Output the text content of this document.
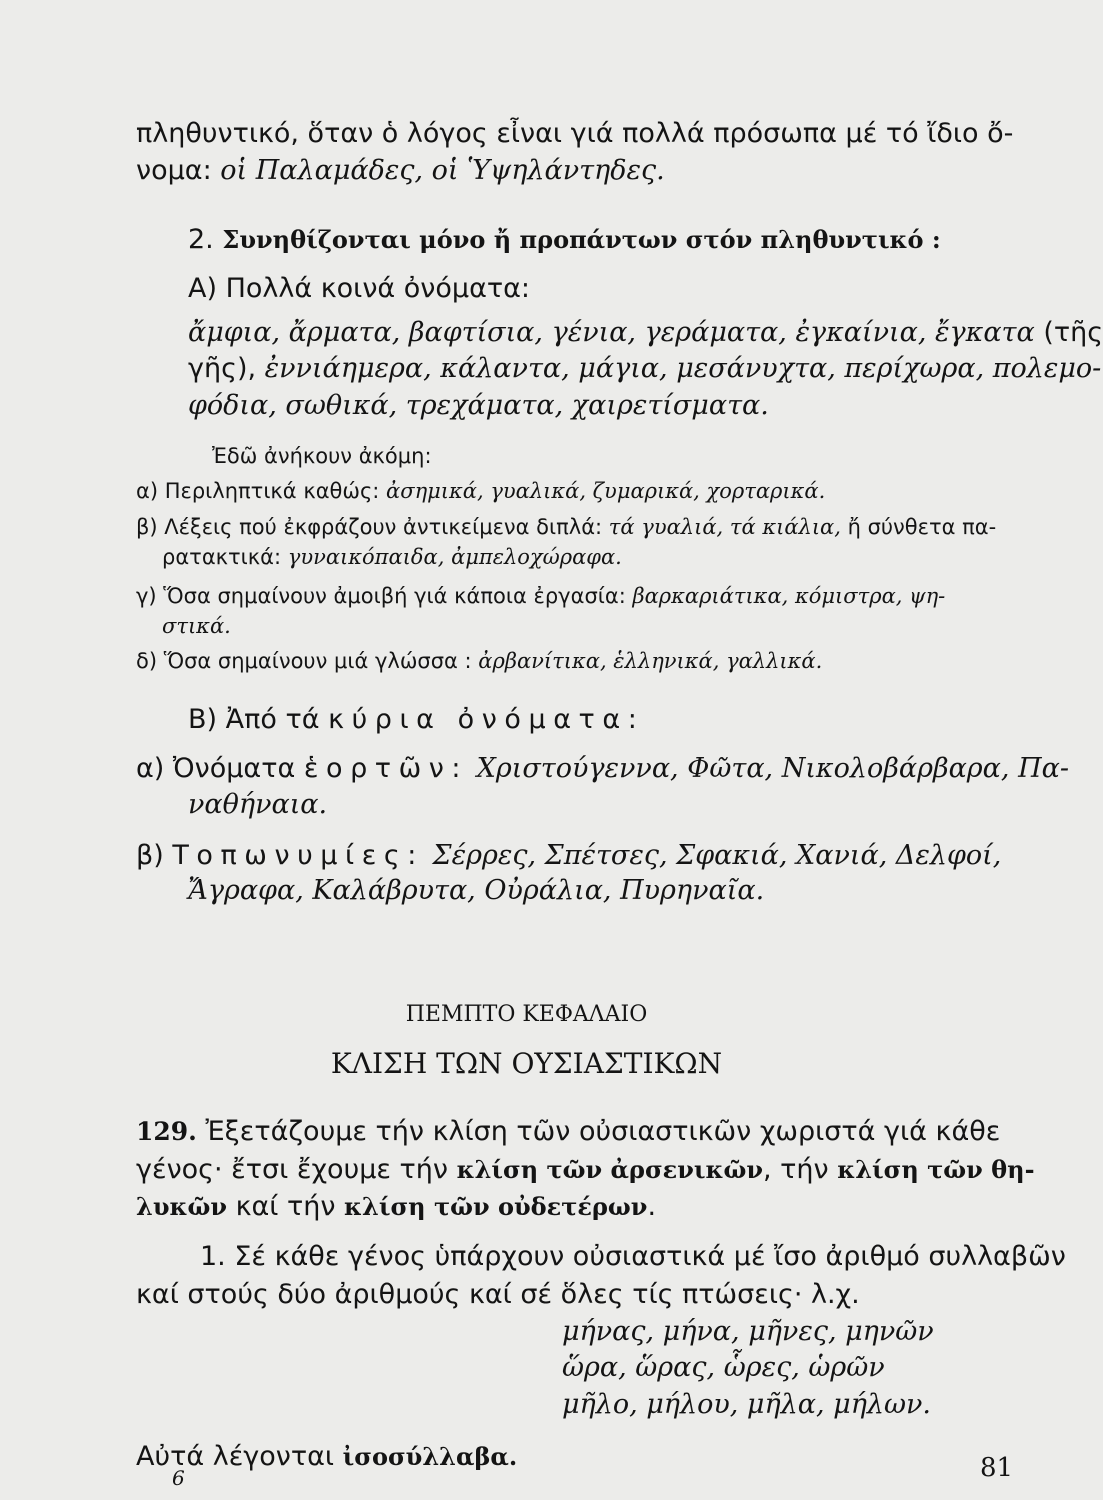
πληθυντικό, ὅταν ὁ λόγος εἶναι γιά πολλά πρόσωπα μέ τό ἴδιο ὄ-
νομα: οἱ Παλαμάδες, οἱ Ὑψηλάντηδες.
2. Συνηθίζονται μόνο ἤ προπάντων στόν πληθυντικό :
Α) Πολλά κοινά ὀνόματα:
ἄμφια, ἄρματα, βαφτίσια, γένια, γεράματα, ἐγκαίνια, ἔγκατα (τῆς
γῆς), ἐννιάημερα, κάλαντα, μάγια, μεσάνυχτα, περίχωρα, πολεμο-
φόδια, σωθικά, τρεχάματα, χαιρετίσματα.
Ἐδῶ ἀνήκουν ἀκόμη:
α) Περιληπτικά καθώς: ἀσημικά, γυαλικά, ζυμαρικά, χορταρικά.
β) Λέξεις πού ἐκφράζουν ἀντικείμενα διπλά: τά γυαλιά, τά κιάλια, ἤ σύνθετα πα-
ρατακτικά: γυναικόπαιδα, ἀμπελοχώραφα.
γ) Ὅσα σημαίνουν ἀμοιβή γιά κάποια ἐργασία: βαρκαριάτικα, κόμιστρα, ψη-
στικά.
δ) Ὅσα σημαίνουν μιά γλώσσα : ἀρβανίτικα, ἑλληνικά, γαλλικά.
Β) Ἀπό τά κύρια ὀνόματα:
α) Ὀνόματα ἑορτῶν: Χριστούγεννα, Φῶτα, Νικολοβάρβαρα, Πα-
ναθήναια.
β) Τοπωνυμίες: Σέρρες, Σπέτσες, Σφακιά, Χανιά, Δελφοί,
Ἄγραφα, Καλάβρυτα, Οὐράλια, Πυρηναῖα.
ΠΕΜΠΤΟ ΚΕΦΑΛΑΙΟ
ΚΛΙΣΗ ΤΩΝ ΟΥΣΙΑΣΤΙΚΩΝ
129. Ἐξετάζουμε τήν κλίση τῶν οὐσιαστικῶν χωριστά γιά κάθε
γένος· ἔτσι ἔχουμε τήν κλίση τῶν ἀρσενικῶν, τήν κλίση τῶν θη-
λυκῶν καί τήν κλίση τῶν οὐδετέρων.
1. Σέ κάθε γένος ὑπάρχουν οὐσιαστικά μέ ἴσο ἀριθμό συλλαβῶν
καί στούς δύο ἀριθμούς καί σέ ὅλες τίς πτώσεις· λ.χ.
μήνας, μήνα, μῆνες, μηνῶν
ὥρα, ὥρας, ὧρες, ὡρῶν
μῆλο, μήλου, μῆλα, μήλων.
Αὐτά λέγονται ἰσοσύλλαβα.
6	81
